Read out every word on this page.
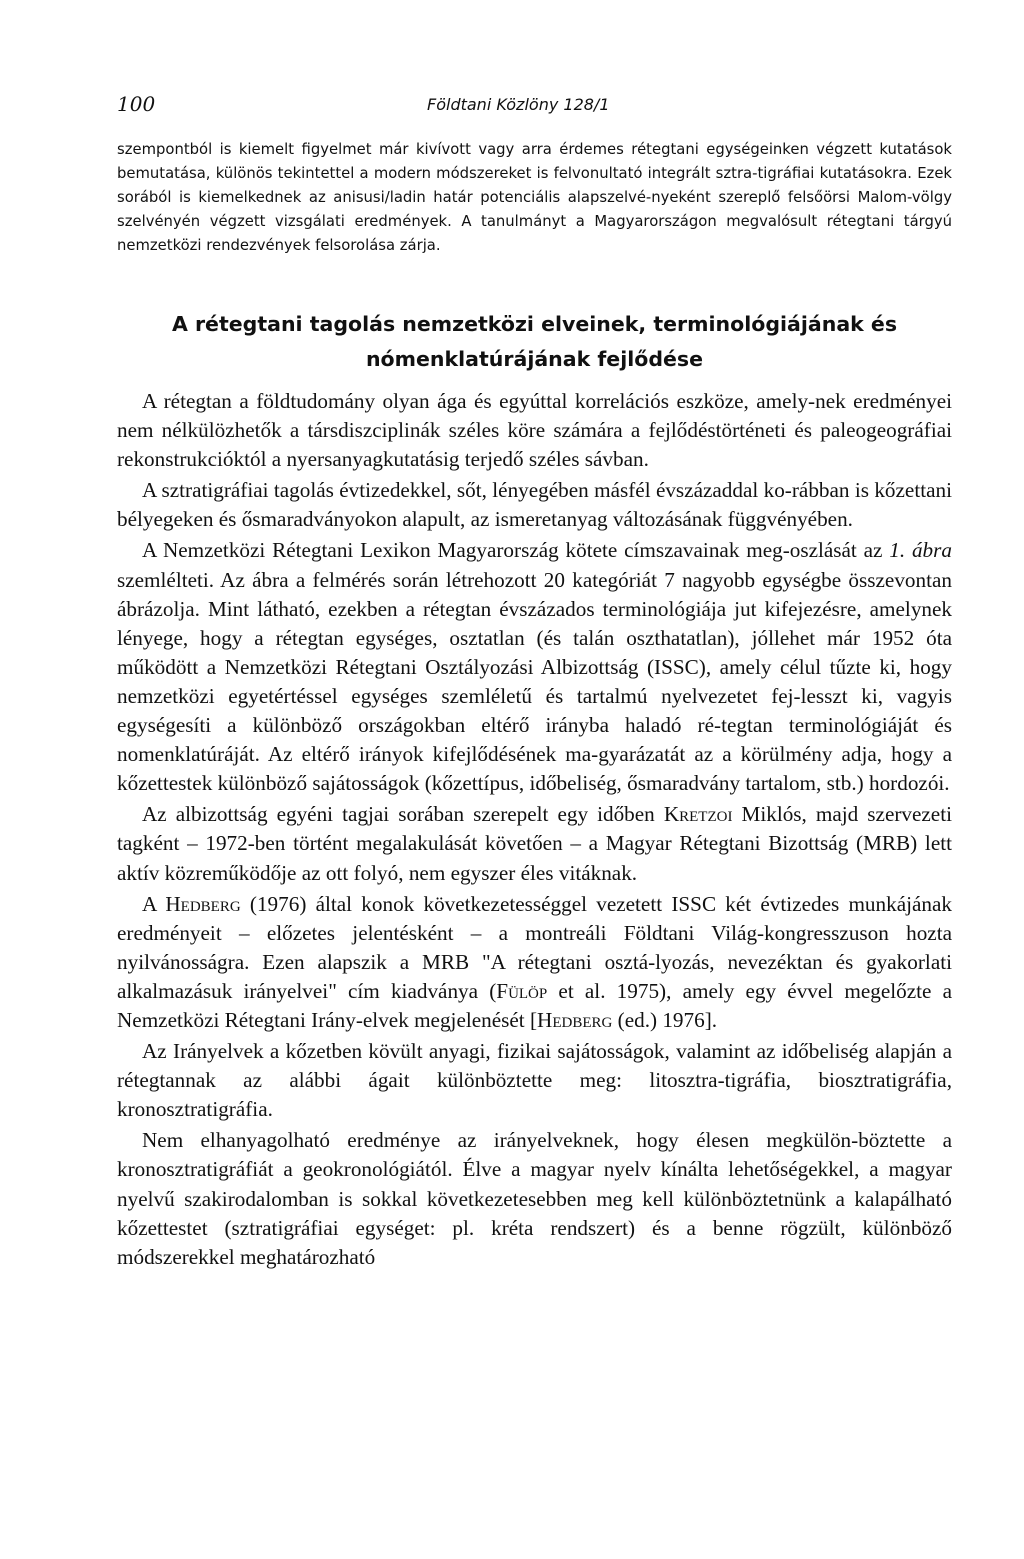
100	Földtani Közlöny 128/1

szempontból is kiemelt figyelmet már kivívott vagy arra érdemes rétegtani egységeinken végzett kutatások bemutatása, különös tekintettel a modern módszereket is felvonultató integrált sztra-tigráfiai kutatásokra. Ezek sorából is kiemelkednek az anisusi/ladin határ potenciális alapszelvé-nyeként szereplő felsőörsi Malom-völgy szelvényén végzett vizsgálati eredmények. A tanulmányt a Magyarországon megvalósult rétegtani tárgyú nemzetközi rendezvények felsorolása zárja.

A rétegtani tagolás nemzetközi elveinek, terminológiájának és
nómenklatúrájának fejlődése

A rétegtan a földtudomány olyan ága és egyúttal korrelációs eszköze, amely-nek eredményei nem nélkülözhetők a társdiszciplinák széles köre számára a fejlődéstörténeti és paleogeográfiai rekonstrukcióktól a nyersanyagkutatásig terjedő széles sávban.

A sztratigráfiai tagolás évtizedekkel, sőt, lényegében másfél évszázaddal ko-rábban is kőzettani bélyegeken és ősmaradványokon alapult, az ismeretanyag változásának függvényében.

A Nemzetközi Rétegtani Lexikon Magyarország kötete címszavainak meg-oszlását az 1. ábra szemlélteti. Az ábra a felmérés során létrehozott 20 kategóriát 7 nagyobb egységbe összevontan ábrázolja. Mint látható, ezekben a rétegtan évszázados terminológiája jut kifejezésre, amelynek lényege, hogy a rétegtan egységes, osztatlan (és talán oszthatatlan), jóllehet már 1952 óta működött a Nemzetközi Rétegtani Osztályozási Albizottság (ISSC), amely célul tűzte ki, hogy nemzetközi egyetértéssel egységes szemléletű és tartalmú nyelvezetet fej-lesszt ki, vagyis egységesíti a különböző országokban eltérő irányba haladó ré-tegtan terminológiáját és nomenklatúráját. Az eltérő irányok kifejlődésének ma-gyarázatát az a körülmény adja, hogy a kőzettestek különböző sajátosságok (kőzettípus, időbeliség, ősmaradvány tartalom, stb.) hordozói.

Az albizottság egyéni tagjai sorában szerepelt egy időben Kretzoi Miklós, majd szervezeti tagként – 1972-ben történt megalakulását követően – a Magyar Rétegtani Bizottság (MRB) lett aktív közreműködője az ott folyó, nem egyszer éles vitáknak.

A Hedberg (1976) által konok következetességgel vezetett ISSC két évtizedes munkájának eredményeit – előzetes jelentésként – a montreáli Földtani Világ-kongresszuson hozta nyilvánosságra. Ezen alapszik a MRB "A rétegtani osztá-lyozás, nevezéktan és gyakorlati alkalmazásuk irányelvei" cím kiadványa (Fülöp et al. 1975), amely egy évvel megelőzte a Nemzetközi Rétegtani Irány-elvek megjelenését [Hedberg (ed.) 1976].

Az Irányelvek a kőzetben kövült anyagi, fizikai sajátosságok, valamint az időbeliség alapján a rétegtannak az alábbi ágait különböztette meg: litosztra-tigráfia, biosztratigráfia, kronosztratigráfia.

Nem elhanyagolható eredménye az irányelveknek, hogy élesen megkülön-böztette a kronosztratigráfiát a geokronológiától. Élve a magyar nyelv kínálta lehetőségekkel, a magyar nyelvű szakirodalomban is sokkal következetesebben meg kell különböztetnünk a kalapálható kőzettestet (sztratigráfiai egységet: pl. kréta rendszert) és a benne rögzült, különböző módszerekkel meghatározható
